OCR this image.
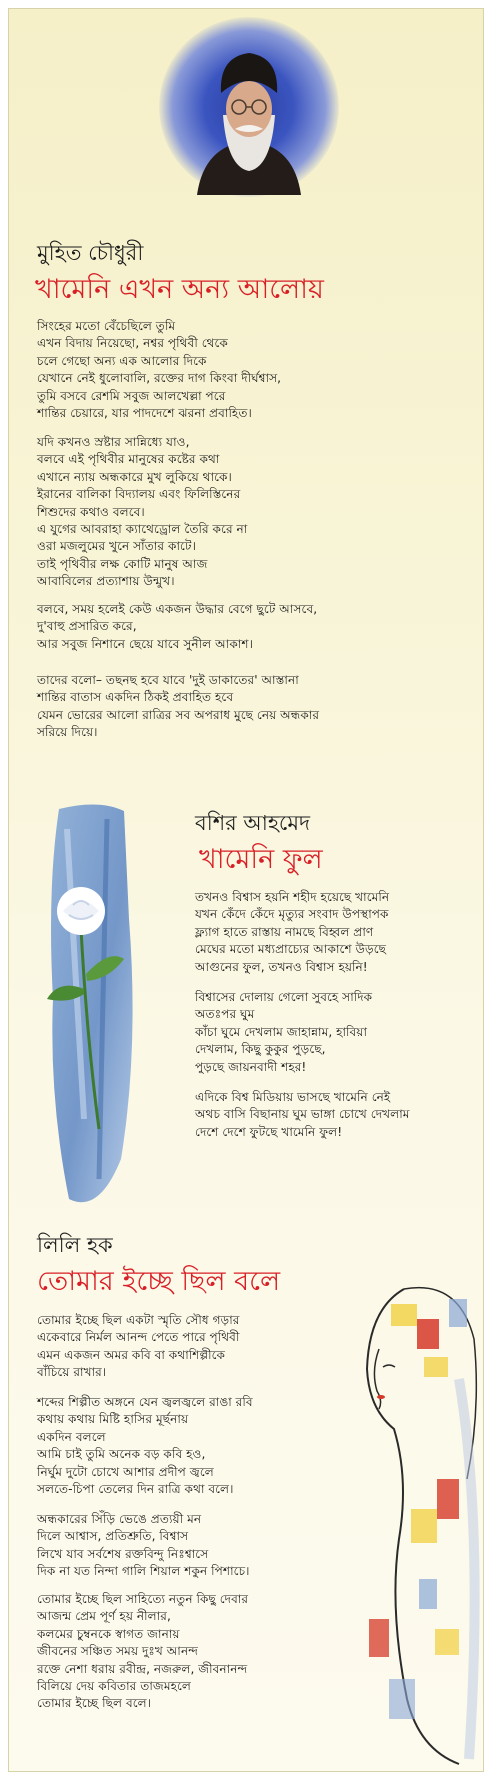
মুহিত চৌধুরী
খামেনি এখন অন্য আলোয়
সিংহের মতো বেঁচেছিলে তুমি
এখন বিদায় নিয়েছো, নশ্বর পৃথিবী থেকে
চলে গেছো অন্য এক আলোর দিকে
যেখানে নেই ধুলোবালি, রক্তের দাগ কিংবা দীর্ঘশ্বাস,
তুমি বসবে রেশমি সবুজ আলখেল্লা পরে
শান্তির চেয়ারে, যার পাদদেশে ঝরনা প্রবাহিত।
যদি কখনও স্রষ্টার সান্নিধ্যে যাও,
বলবে এই পৃথিবীর মানুষের কষ্টের কথা
এখানে ন্যায় অন্ধকারে মুখ লুকিয়ে থাকে।
ইরানের বালিকা বিদ্যালয় এবং ফিলিস্তিনের
শিশুদের কথাও বলবে।
এ যুগের আবরাহা ক্যাথেড্রোল তৈরি করে না
ওরা মজলুমের খুনে সাঁতার কাটে।
তাই পৃথিবীর লক্ষ কোটি মানুষ আজ
আবাবিলের প্রত্যাশায় উন্মুখ।
বলবে, সময় হলেই কেউ একজন উদ্ধার বেগে ছুটে আসবে,
দু'বাহু প্রসারিত করে,
আর সবুজ নিশানে ছেয়ে যাবে সুনীল আকাশ।
তাদের বলো– তছনছ হবে যাবে 'দুই ডাকাতের' আস্তানা
শান্তির বাতাস একদিন ঠিকই প্রবাহিত হবে
যেমন ভোরের আলো রাত্রির সব অপরাধ মুছে নেয় অন্ধকার
সরিয়ে দিয়ে।
বশির আহমেদ
খামেনি ফুল
তখনও বিশ্বাস হয়নি শহীদ হয়েছে খামেনি
যখন কেঁদে কেঁদে মৃত্যুর সংবাদ উপস্থাপক
ফ্ল্যাগ হাতে রাস্তায় নামছে বিহ্বল প্রাণ
মেঘের মতো মধ্যপ্রাচ্যের আকাশে উড়ছে
আগুনের ফুল, তখনও বিশ্বাস হয়নি!
বিশ্বাসের দোলায় গেলো সুবহে সাদিক
অতঃপর ঘুম
কাঁচা ঘুমে দেখলাম জাহান্নাম, হাবিয়া
দেখলাম, কিছু কুকুর পুড়ছে,
পুড়ছে জায়নবাদী শহর!
এদিকে বিশ্ব মিডিয়ায় ভাসছে খামেনি নেই
অথচ বাসি বিছানায় ঘুম ভাঙ্গা চোখে দেখলাম
দেশে দেশে ফুটছে খামেনি ফুল!
লিলি হক
তোমার ইচ্ছে ছিল বলে
তোমার ইচ্ছে ছিল একটা স্মৃতি সৌধ গড়ার
একেবারে নির্মল আনন্দ পেতে পারে পৃথিবী
এমন একজন অমর কবি বা কথাশিল্পীকে
বাঁচিয়ে রাখার।
শব্দের শিল্পীত অঙ্গনে যেন জ্বলজ্বলে রাঙা রবি
কথায় কথায় মিষ্টি হাসির মূর্ছনায়
একদিন বললে
আমি চাই তুমি অনেক বড় কবি হও,
নির্ঘুম দুটো চোখে আশার প্রদীপ জ্বলে
সলতে-চিপা তেলের দিন রাত্রি কথা বলে।
অন্ধকারের সিঁড়ি ভেঙে প্রত্যয়ী মন
দিলে আশ্বাস, প্রতিশ্রুতি, বিশ্বাস
লিখে যাব সর্বশেষ রক্তবিন্দু নিঃশ্বাসে
দিক না যত নিন্দা গালি শিয়াল শকুন পিশাচে।
তোমার ইচ্ছে ছিল সাহিত্যে নতুন কিছু দেবার
আজন্ম প্রেম পূর্ণ হয় নীলার,
কলমের চুম্বনকে স্বাগত জানায়
জীবনের সঞ্চিত সময় দুঃখ আনন্দ
রক্তে নেশা ধরায় রবীন্দ্র, নজরুল, জীবনানন্দ
বিলিয়ে দেয় কবিতার তাজমহলে
তোমার ইচ্ছে ছিল বলে।
